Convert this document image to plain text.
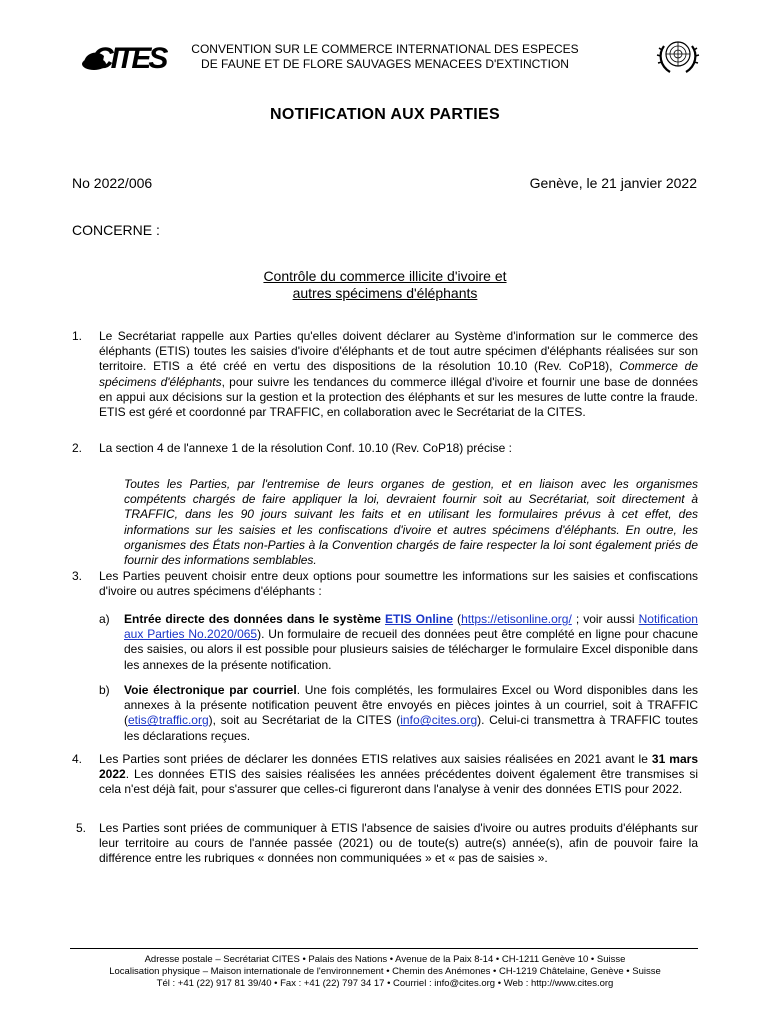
CITES	CONVENTION SUR LE COMMERCE INTERNATIONAL DES ESPECES
DE FAUNE ET DE FLORE SAUVAGES MENACEES D'EXTINCTION
NOTIFICATION AUX PARTIES
No 2022/006	Genève, le 21 janvier 2022
CONCERNE :
Contrôle du commerce illicite d'ivoire et
autres spécimens d'éléphants
1. Le Secrétariat rappelle aux Parties qu'elles doivent déclarer au Système d'information sur le commerce des éléphants (ETIS) toutes les saisies d'ivoire d'éléphants et de tout autre spécimen d'éléphants réalisées sur son territoire. ETIS a été créé en vertu des dispositions de la résolution 10.10 (Rev. CoP18), Commerce de spécimens d'éléphants, pour suivre les tendances du commerce illégal d'ivoire et fournir une base de données en appui aux décisions sur la gestion et la protection des éléphants et sur les mesures de lutte contre la fraude. ETIS est géré et coordonné par TRAFFIC, en collaboration avec le Secrétariat de la CITES.
2. La section 4 de l'annexe 1 de la résolution Conf. 10.10 (Rev. CoP18) précise :
Toutes les Parties, par l'entremise de leurs organes de gestion, et en liaison avec les organismes compétents chargés de faire appliquer la loi, devraient fournir soit au Secrétariat, soit directement à TRAFFIC, dans les 90 jours suivant les faits et en utilisant les formulaires prévus à cet effet, des informations sur les saisies et les confiscations d'ivoire et autres spécimens d'éléphants. En outre, les organismes des États non-Parties à la Convention chargés de faire respecter la loi sont également priés de fournir des informations semblables.
3. Les Parties peuvent choisir entre deux options pour soumettre les informations sur les saisies et confiscations d'ivoire ou autres spécimens d'éléphants :
a) Entrée directe des données dans le système ETIS Online (https://etisonline.org/ ; voir aussi Notification aux Parties No.2020/065). Un formulaire de recueil des données peut être complété en ligne pour chacune des saisies, ou alors il est possible pour plusieurs saisies de télécharger le formulaire Excel disponible dans les annexes de la présente notification.
b) Voie électronique par courriel. Une fois complétés, les formulaires Excel ou Word disponibles dans les annexes à la présente notification peuvent être envoyés en pièces jointes à un courriel, soit à TRAFFIC (etis@traffic.org), soit au Secrétariat de la CITES (info@cites.org). Celui-ci transmettra à TRAFFIC toutes les déclarations reçues.
4. Les Parties sont priées de déclarer les données ETIS relatives aux saisies réalisées en 2021 avant le 31 mars 2022. Les données ETIS des saisies réalisées les années précédentes doivent également être transmises si cela n'est déjà fait, pour s'assurer que celles-ci figureront dans l'analyse à venir des données ETIS pour 2022.
5. Les Parties sont priées de communiquer à ETIS l'absence de saisies d'ivoire ou autres produits d'éléphants sur leur territoire au cours de l'année passée (2021) ou de toute(s) autre(s) année(s), afin de pouvoir faire la différence entre les rubriques « données non communiquées » et « pas de saisies ».
Adresse postale – Secrétariat CITES • Palais des Nations • Avenue de la Paix 8-14 • CH-1211 Genève 10 • Suisse
Localisation physique – Maison internationale de l'environnement • Chemin des Anémones • CH-1219 Châtelaine, Genève • Suisse
Tél : +41 (22) 917 81 39/40 • Fax : +41 (22) 797 34 17 • Courriel : info@cites.org • Web : http://www.cites.org
